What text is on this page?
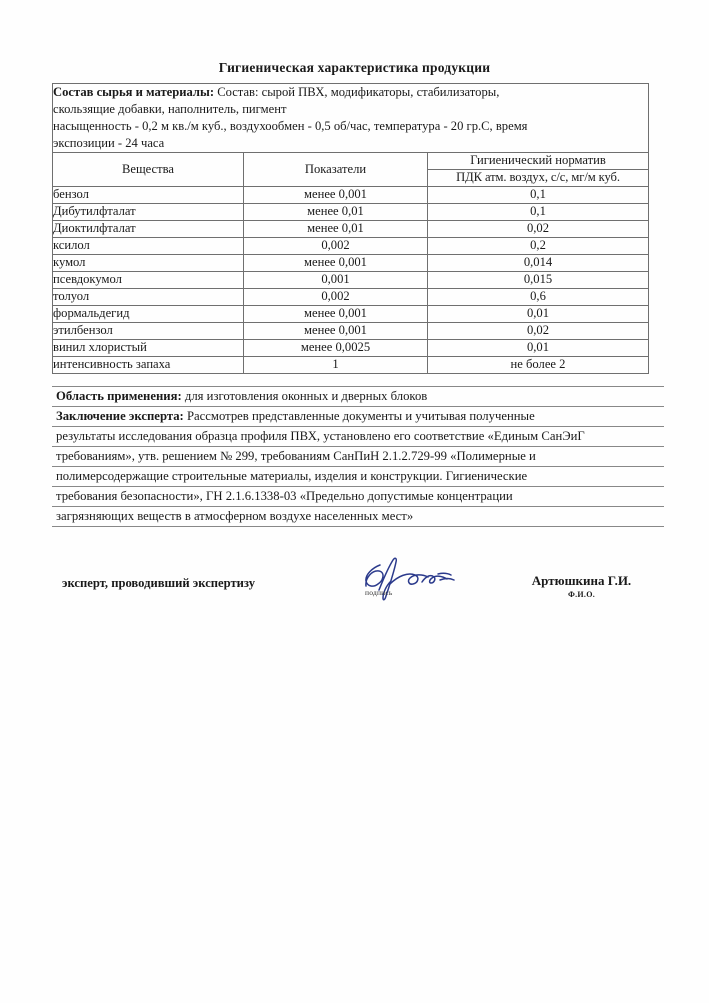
Гигиеническая характеристика продукции
Состав сырья и материалы: Состав: сырой ПВХ, модификаторы, стабилизаторы,
скользящие добавки, наполнитель, пигмент
насыщенность - 0,2 м кв./м куб., воздухообмен - 0,5 об/час, температура - 20 гр.С, время
экспозиции - 24 часа		
Вещества	Показатели	Гигиенический норматив
		ПДК атм. воздух, с/с, мг/м куб.
бензол	менее 0,001	0,1
Дибутилфталат	менее 0,01	0,1
Диоктилфталат	менее 0,01	0,02
ксилол	0,002	0,2
кумол	менее 0,001	0,014
псевдокумол	0,001	0,015
толуол	0,002	0,6
формальдегид	менее 0,001	0,01
этилбензол	менее 0,001	0,02
винил хлористый	менее 0,0025	0,01
интенсивность запаха	1	не более 2
Область применения: для изготовления оконных и дверных блоков
Заключение эксперта: Рассмотрев представленные документы и учитывая полученные
результаты исследования образца профиля ПВХ, установлено его соответствие «Единым СанЭиГ
требованиям», утв. решением № 299, требованиям СанПиН 2.1.2.729-99 «Полимерные и
полимерсодержащие строительные материалы, изделия и конструкции. Гигиенические
требования безопасности», ГН 2.1.6.1338-03 «Предельно допустимые концентрации
загрязняющих веществ в атмосферном воздухе населенных мест»
эксперт, проводивший экспертизу
подпись
Артюшкина Г.И.
Ф.И.О.
